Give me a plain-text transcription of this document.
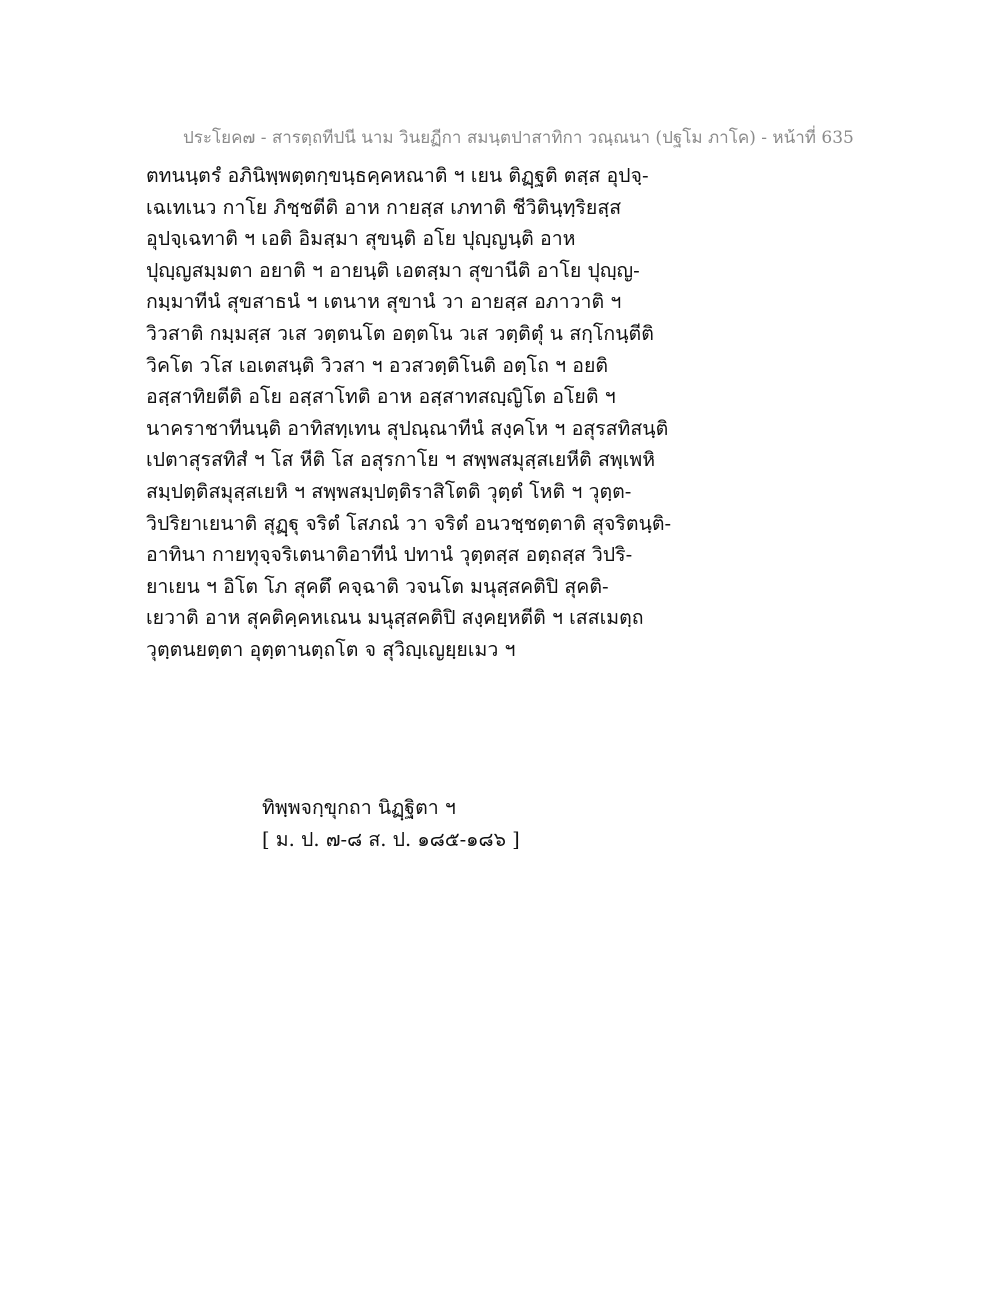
ประโยค๗ - สารตฺถทีปนี นาม วินยฏีกา สมนฺตปาสาทิกา วณฺณนา (ปฐโม ภาโค) - หน้าที่ 635
ตทนนฺตรํ อภินิพฺพตฺตกฺขนฺธคฺคหณาติ ฯ เยน ติฏฺฐติ ตสฺส อุปจฺ-
เฉเทเนว กาโย ภิชฺชตีติ อาห กายสฺส เภทาติ ชีวิตินฺทฺริยสฺส
อุปจฺเฉทาติ ฯ เอติ อิมสฺมา สุขนฺติ อโย ปุญฺญนฺติ อาห
ปุญฺญสมฺมตา อยาติ ฯ อายนฺติ เอตสฺมา สุขานีติ อาโย ปุญฺญ-
กมฺมาทีนํ สุขสาธนํ ฯ เตนาห สุขานํ วา อายสฺส อภาวาติ ฯ
วิวสาติ กมฺมสฺส วเส วตฺตนโต อตฺตโน วเส วตฺติตุํ น สกฺโกนฺตีติ
วิคโต วโส เอเตสนฺติ วิวสา ฯ อวสวตฺติโนติ อตฺโถ ฯ อยติ
อสฺสาทิยตีติ อโย อสฺสาโทติ อาห อสฺสาทสญฺญิโต อโยติ ฯ
นาคราชาทีนนฺติ อาทิสทฺเทน สุปณฺณาทีนํ สงฺคโห ฯ อสุรสทิสนฺติ
เปตาสุรสทิสํ ฯ โส หีติ โส อสุรกาโย ฯ สพฺพสมุสฺสเยหีติ สพฺเพหิ
สมฺปตฺติสมุสฺสเยหิ ฯ สพฺพสมฺปตฺติราสิโตติ วุตฺตํ โหติ ฯ วุตฺต-
วิปริยาเยนาติ สุฏฺฐุ จริตํ โสภณํ วา จริตํ อนวชฺชตฺตาติ สุจริตนฺติ-
อาทินา กายทุจฺจริเตนาติอาทีนํ ปทานํ วุตฺตสฺส อตฺถสฺส วิปริ-
ยาเยน ฯ อิโต โภ สุคตึ คจฺฉาติ วจนโต มนุสฺสคติปิ สุคติ-
เยวาติ อาห สุคติคฺคหเณน มนุสฺสคติปิ สงฺคยฺหตีติ ฯ เสสเมตฺถ
วุตฺตนยตฺตา อุตฺตานตฺถโต จ สุวิญฺเญยฺยเมว ฯ
ทิพฺพจกฺขุกถา นิฏฺฐิตา ฯ
[ ม. ป. ๗-๘ ส. ป. ๑๘๕-๑๘๖ ]
